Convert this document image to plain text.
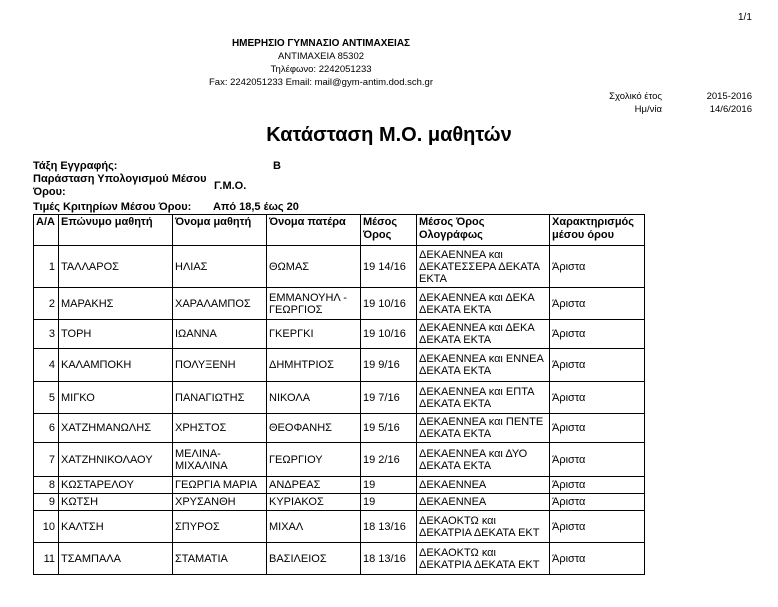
1/1
ΗΜΕΡΗΣΙΟ ΓΥΜΝΑΣΙΟ ΑΝΤΙΜΑΧΕΙΑΣ
ΑΝΤΙΜΑΧΕΙΑ 85302
Τηλέφωνο: 2242051233
Fax: 2242051233 Email: mail@gym-antim.dod.sch.gr
Σχολικό έτος	2015-2016
Ημ/νία	14/6/2016
Κατάσταση Μ.Ο. μαθητών
Τάξη Εγγραφής:	Β
Παράσταση Υπολογισμού Μέσου
Όρου:	Γ.Μ.Ο.
Τιμές Κριτηρίων Μέσου Όρου: Από 18,5 έως 20
Α/Α	Επώνυμο μαθητή	Όνομα μαθητή	Όνομα πατέρα	Μέσος Όρος	Μέσος Όρος Ολογράφως	Χαρακτηρισμός μέσου όρου
1	ΤΑΛΛΑΡΟΣ	ΗΛΙΑΣ	ΘΩΜΑΣ	19 14/16	ΔΕΚΑΕΝΝΕΑ και ΔΕΚΑΤΕΣΣΕΡΑ ΔΕΚΑΤΑ ΕΚΤΑ	Άριστα
2	ΜΑΡΑΚΗΣ	ΧΑΡΑΛΑΜΠΟΣ	ΕΜΜΑΝΟΥΗΛ - ΓΕΩΡΓΙΟΣ	19 10/16	ΔΕΚΑΕΝΝΕΑ και ΔΕΚΑ ΔΕΚΑΤΑ ΕΚΤΑ	Άριστα
3	ΤΟΡΗ	ΙΩΑΝΝΑ	ΓΚΕΡΓΚΙ	19 10/16	ΔΕΚΑΕΝΝΕΑ και ΔΕΚΑ ΔΕΚΑΤΑ ΕΚΤΑ	Άριστα
4	ΚΑΛΑΜΠΟΚΗ	ΠΟΛΥΞΕΝΗ	ΔΗΜΗΤΡΙΟΣ	19 9/16	ΔΕΚΑΕΝΝΕΑ και ΕΝΝΕΑ ΔΕΚΑΤΑ ΕΚΤΑ	Άριστα
5	ΜΙΓΚΟ	ΠΑΝΑΓΙΩΤΗΣ	ΝΙΚΟΛΑ	19 7/16	ΔΕΚΑΕΝΝΕΑ και ΕΠΤΑ ΔΕΚΑΤΑ ΕΚΤΑ	Άριστα
6	ΧΑΤΖΗΜΑΝΩΛΗΣ	ΧΡΗΣΤΟΣ	ΘΕΟΦΑΝΗΣ	19 5/16	ΔΕΚΑΕΝΝΕΑ και ΠΕΝΤΕ ΔΕΚΑΤΑ ΕΚΤΑ	Άριστα
7	ΧΑΤΖΗΝΙΚΟΛΑΟΥ	ΜΕΛΙΝΑ-ΜΙΧΑΛΙΝΑ	ΓΕΩΡΓΙΟΥ	19 2/16	ΔΕΚΑΕΝΝΕΑ και ΔΥΟ ΔΕΚΑΤΑ ΕΚΤΑ	Άριστα
8	ΚΩΣΤΑΡΕΛΟΥ	ΓΕΩΡΓΙΑ ΜΑΡΙΑ	ΑΝΔΡΕΑΣ	19	ΔΕΚΑΕΝΝΕΑ	Άριστα
9	ΚΩΤΣΗ	ΧΡΥΣΑΝΘΗ	ΚΥΡΙΑΚΟΣ	19	ΔΕΚΑΕΝΝΕΑ	Άριστα
10	ΚΑΛΤΣΗ	ΣΠΥΡΟΣ	ΜΙΧΑΛ	18 13/16	ΔΕΚΑΟΚΤΩ και ΔΕΚΑΤΡΙΑ ΔΕΚΑΤΑ ΕΚΤ	Άριστα
11	ΤΣΑΜΠΑΛΑ	ΣΤΑΜΑΤΙΑ	ΒΑΣΙΛΕΙΟΣ	18 13/16	ΔΕΚΑΟΚΤΩ και ΔΕΚΑΤΡΙΑ ΔΕΚΑΤΑ ΕΚΤ	Άριστα
